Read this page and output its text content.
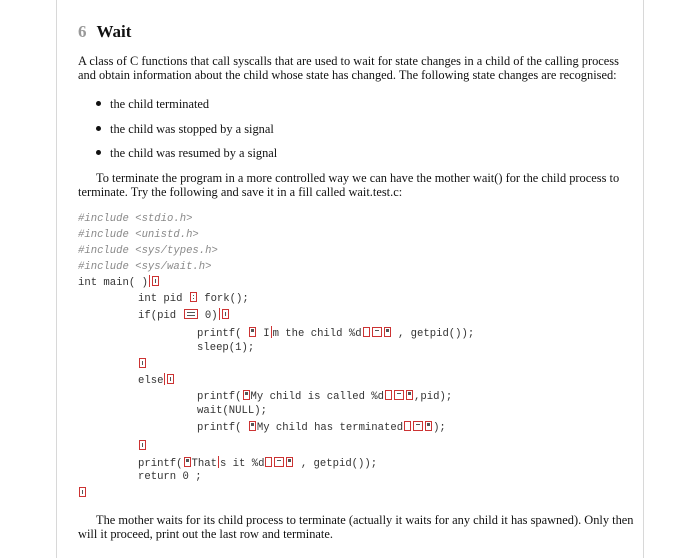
6 Wait
A class of C functions that call syscalls that are used to wait for state changes in a child of the calling process and obtain information about the child whose state has changed. The following state changes are recognised:
the child terminated
the child was stopped by a signal
the child was resumed by a signal
To terminate the program in a more controlled way we can have the mother wait() for the child process to terminate. Try the following and save it in a fill called wait.test.c:
#include <stdio.h>
#include <unistd.h>
#include <sys/types.h>
#include <sys/wait.h>
int main( )
int pid  fork();
if(pid  0)
printf(  I m the child %d	, getpid());
sleep(1);
else
printf( My child is called %d	,pid);
wait(NULL);
printf( My child has terminated	);
printf( That s it %d	, getpid());
return 0 ;
The mother waits for its child process to terminate (actually it waits for any child it has spawned). Only then will it proceed, print out the last row and terminate.
